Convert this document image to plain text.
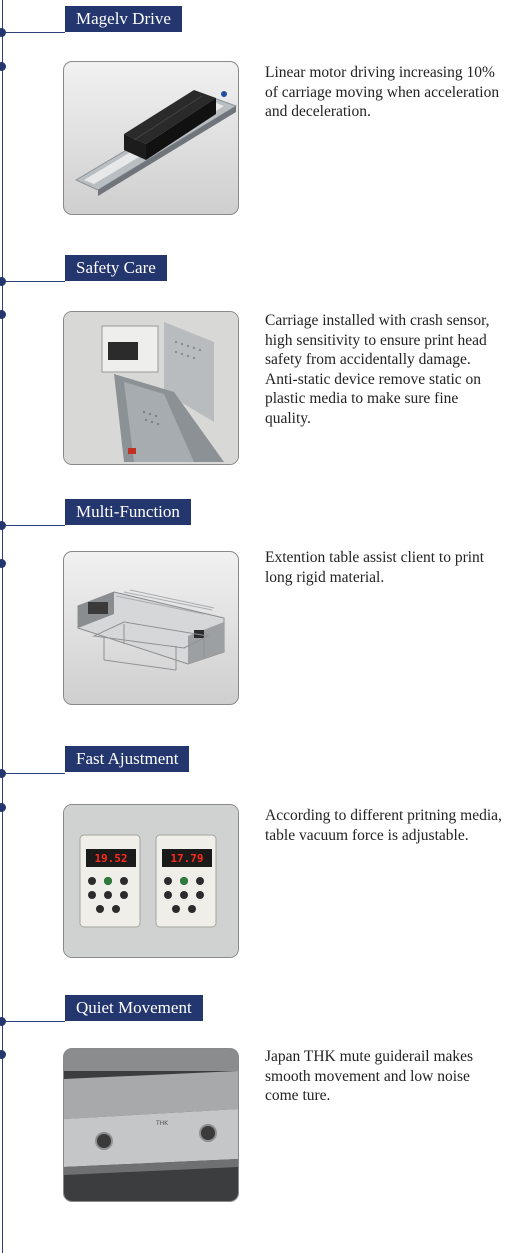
Magelv Drive

Linear motor driving increasing 10% of carriage moving when acceleration and deceleration.

Safety Care

Carriage installed with crash sensor, high sensitivity to ensure print head safety from accidentally damage. Anti-static device remove static on plastic media to make sure fine quality.

Multi-Function

Extention table assist client to print long rigid material.

Fast Ajustment
19.52	17.79

According to different pritning media, table vacuum force is adjustable.

Quiet Movement
THK

Japan THK mute guiderail makes smooth movement and low noise come ture.
